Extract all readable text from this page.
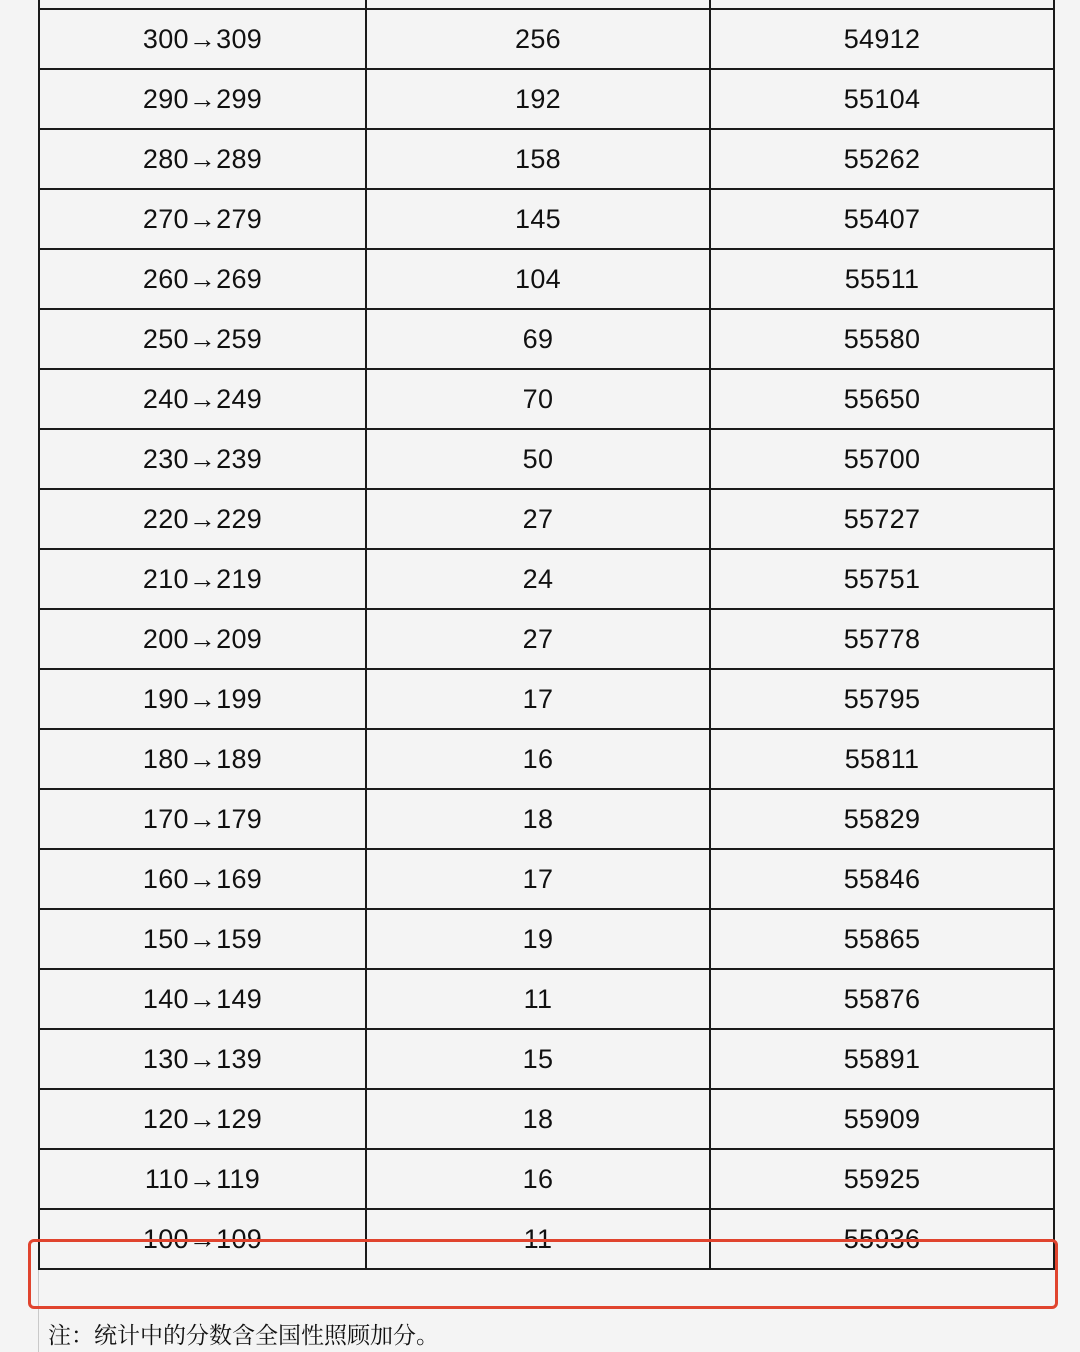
300→309	256	54912
290→299	192	55104
280→289	158	55262
270→279	145	55407
260→269	104	55511
250→259	69	55580
240→249	70	55650
230→239	50	55700
220→229	27	55727
210→219	24	55751
200→209	27	55778
190→199	17	55795
180→189	16	55811
170→179	18	55829
160→169	17	55846
150→159	19	55865
140→149	11	55876
130→139	15	55891
120→129	18	55909
110→119	16	55925
100→109	11	55936
注：统计中的分数含全国性照顾加分。
